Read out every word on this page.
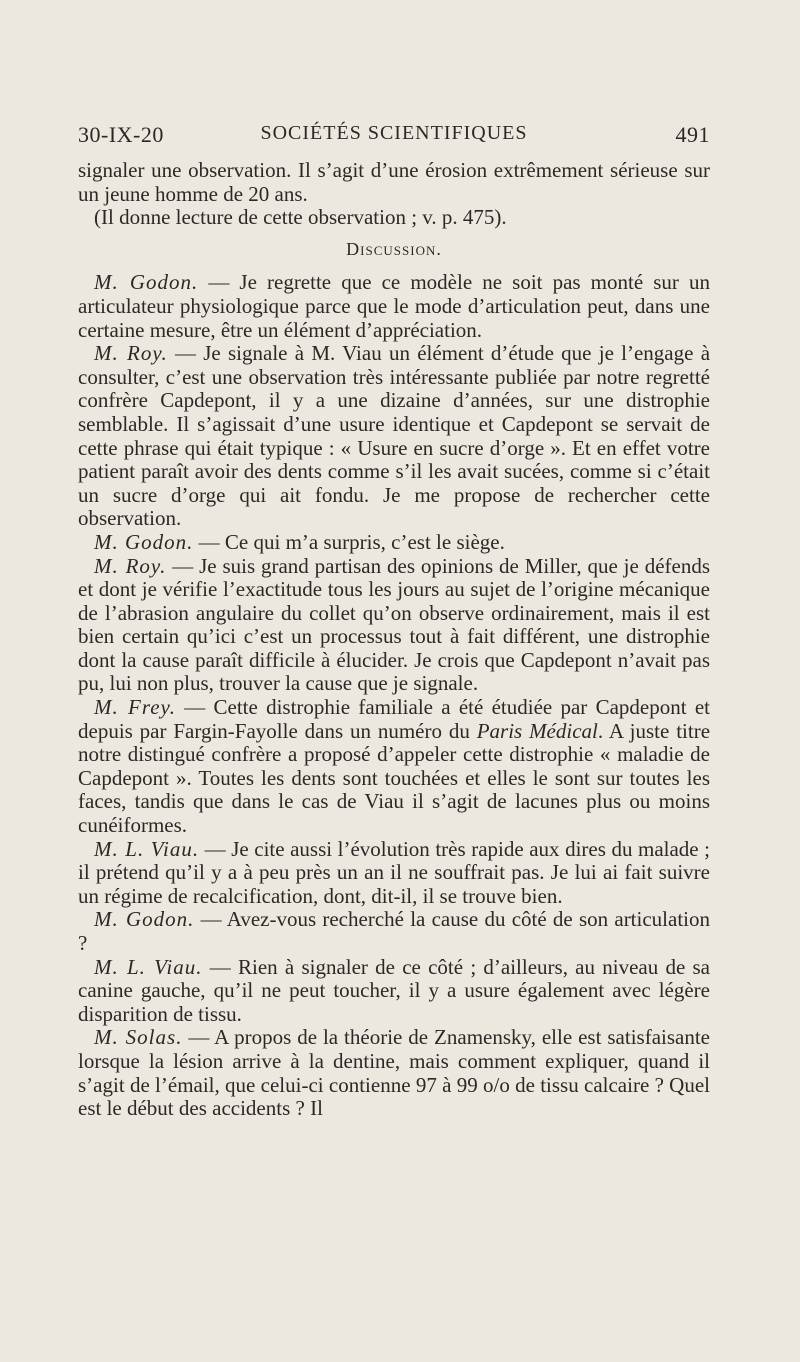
30-IX-20	SOCIÉTÉS SCIENTIFIQUES	491

signaler une observation. Il s’agit d’une érosion extrêmement sérieuse sur un jeune homme de 20 ans.

(Il donne lecture de cette observation ; v. p. 475).

Discussion.

M. Godon. — Je regrette que ce modèle ne soit pas monté sur un articulateur physiologique parce que le mode d’articulation peut, dans une certaine mesure, être un élément d’appréciation.

M. Roy. — Je signale à M. Viau un élément d’étude que je l’engage à consulter, c’est une observation très intéressante publiée par notre regretté confrère Capdepont, il y a une dizaine d’années, sur une distrophie semblable. Il s’agissait d’une usure identique et Capdepont se servait de cette phrase qui était typique : « Usure en sucre d’orge ». Et en effet votre patient paraît avoir des dents comme s’il les avait sucées, comme si c’était un sucre d’orge qui ait fondu. Je me propose de rechercher cette observation.

M. Godon. — Ce qui m’a surpris, c’est le siège.

M. Roy. — Je suis grand partisan des opinions de Miller, que je défends et dont je vérifie l’exactitude tous les jours au sujet de l’origine mécanique de l’abrasion angulaire du collet qu’on observe ordinairement, mais il est bien certain qu’ici c’est un processus tout à fait différent, une distrophie dont la cause paraît difficile à élucider. Je crois que Capdepont n’avait pas pu, lui non plus, trouver la cause que je signale.

M. Frey. — Cette distrophie familiale a été étudiée par Capdepont et depuis par Fargin-Fayolle dans un numéro du Paris Médical. A juste titre notre distingué confrère a proposé d’appeler cette distrophie « maladie de Capdepont ». Toutes les dents sont touchées et elles le sont sur toutes les faces, tandis que dans le cas de Viau il s’agit de lacunes plus ou moins cunéiformes.

M. L. Viau. — Je cite aussi l’évolution très rapide aux dires du malade ; il prétend qu’il y a à peu près un an il ne souffrait pas. Je lui ai fait suivre un régime de recalcification, dont, dit-il, il se trouve bien.

M. Godon. — Avez-vous recherché la cause du côté de son articulation ?

M. L. Viau. — Rien à signaler de ce côté ; d’ailleurs, au niveau de sa canine gauche, qu’il ne peut toucher, il y a usure également avec légère disparition de tissu.

M. Solas. — A propos de la théorie de Znamensky, elle est satisfaisante lorsque la lésion arrive à la dentine, mais comment expliquer, quand il s’agit de l’émail, que celui-ci contienne 97 à 99 o/o de tissu calcaire ? Quel est le début des accidents ? Il
